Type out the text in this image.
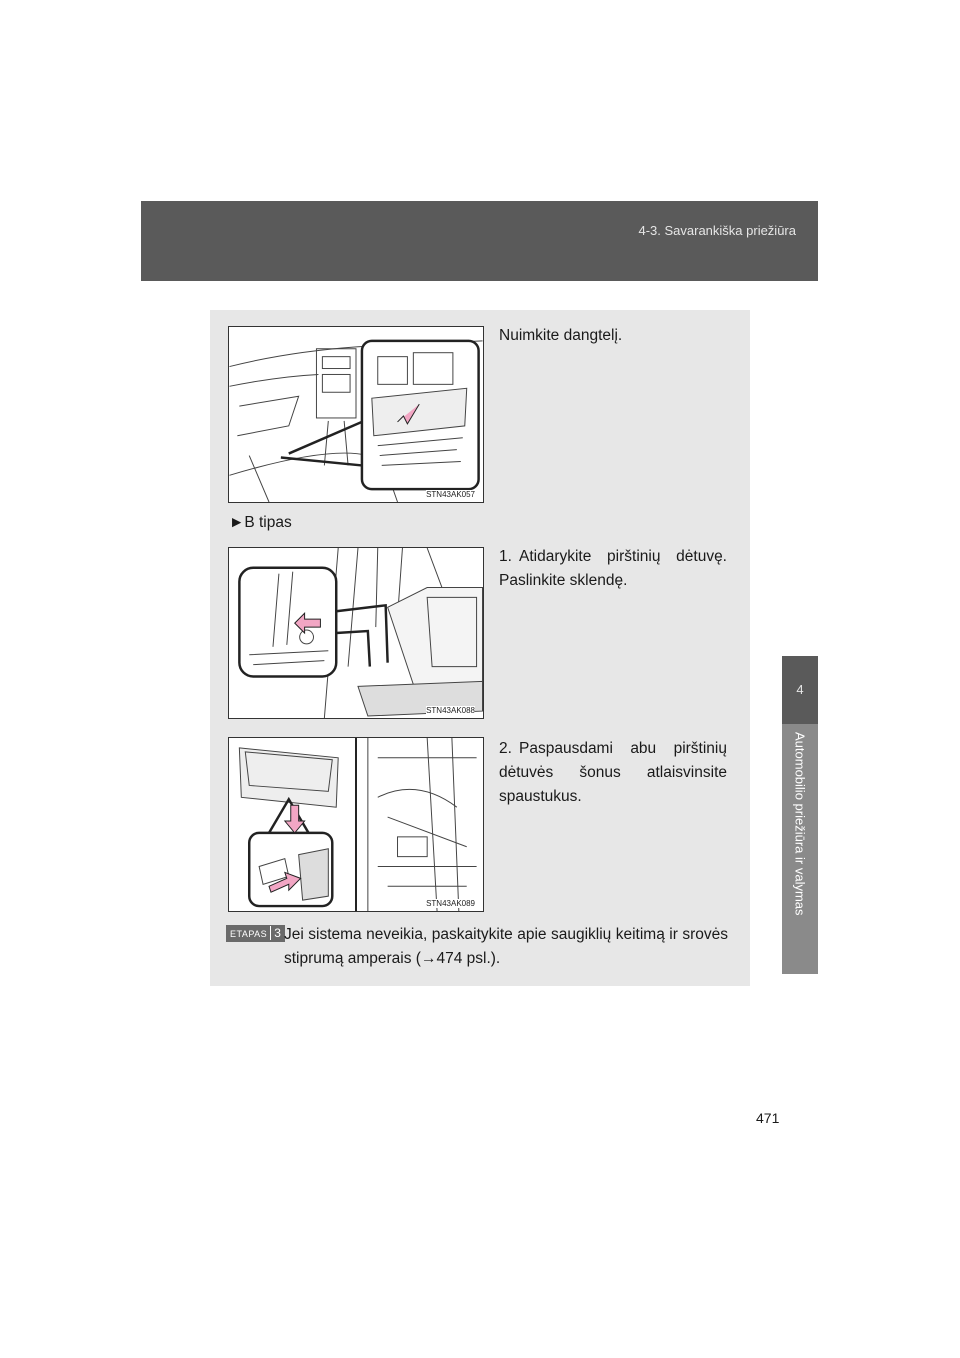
4-3. Savarankiška priežiūra
4
Automobilio priežiūra ir valymas
STN43AK057
Nuimkite dangtelį.
►B tipas
STN43AK088
1. Atidarykite pirštinių dėtuvę. Paslinkite sklendę.
STN43AK089
2. Paspausdami abu pirštinių dėtuvės šonus atlaisvinsite spaustukus.
ETAPAS 3 Jei sistema neveikia, paskaitykite apie saugiklių keitimą ir srovės stiprumą amperais (→474 psl.).
471
